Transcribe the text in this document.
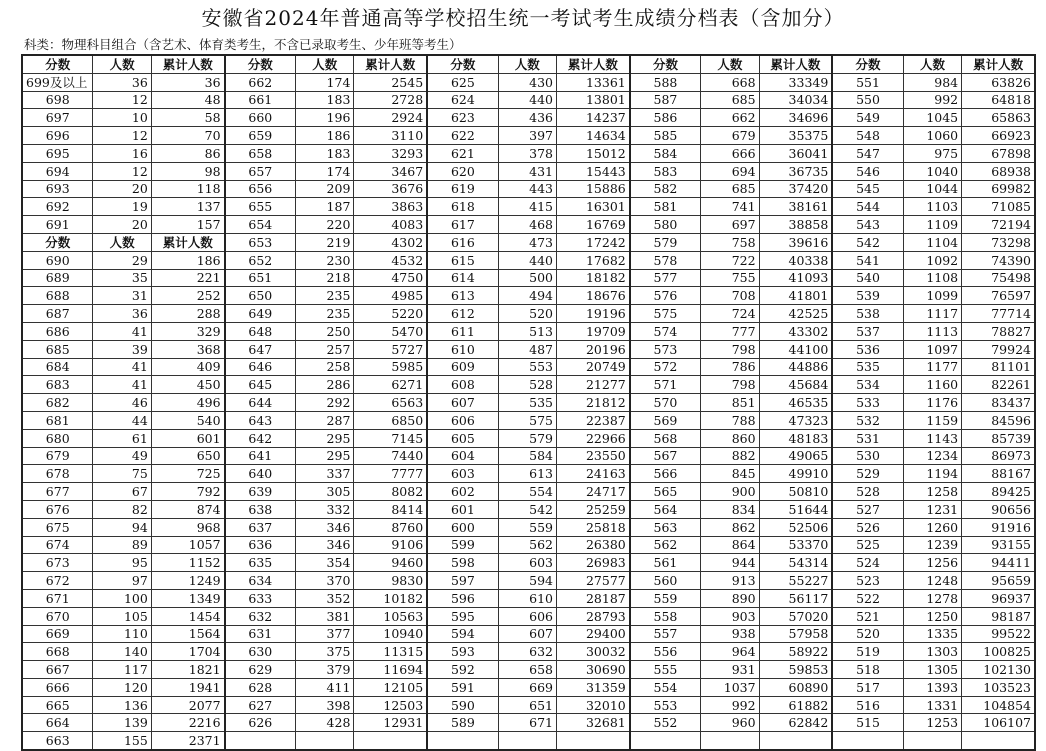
安徽省2024年普通高等学校招生统一考试考生成绩分档表（含加分）
科类：物理科目组合（含艺术、体育类考生，不含已录取考生、少年班等考生）
分数	人数	累计人数	分数	人数	累计人数	分数	人数	累计人数	分数	人数	累计人数	分数	人数	累计人数
699及以上	36	36	662	174	2545	625	430	13361	588	668	33349	551	984	63826
698	12	48	661	183	2728	624	440	13801	587	685	34034	550	992	64818
697	10	58	660	196	2924	623	436	14237	586	662	34696	549	1045	65863
696	12	70	659	186	3110	622	397	14634	585	679	35375	548	1060	66923
695	16	86	658	183	3293	621	378	15012	584	666	36041	547	975	67898
694	12	98	657	174	3467	620	431	15443	583	694	36735	546	1040	68938
693	20	118	656	209	3676	619	443	15886	582	685	37420	545	1044	69982
692	19	137	655	187	3863	618	415	16301	581	741	38161	544	1103	71085
691	20	157	654	220	4083	617	468	16769	580	697	38858	543	1109	72194
分数	人数	累计人数	653	219	4302	616	473	17242	579	758	39616	542	1104	73298
690	29	186	652	230	4532	615	440	17682	578	722	40338	541	1092	74390
689	35	221	651	218	4750	614	500	18182	577	755	41093	540	1108	75498
688	31	252	650	235	4985	613	494	18676	576	708	41801	539	1099	76597
687	36	288	649	235	5220	612	520	19196	575	724	42525	538	1117	77714
686	41	329	648	250	5470	611	513	19709	574	777	43302	537	1113	78827
685	39	368	647	257	5727	610	487	20196	573	798	44100	536	1097	79924
684	41	409	646	258	5985	609	553	20749	572	786	44886	535	1177	81101
683	41	450	645	286	6271	608	528	21277	571	798	45684	534	1160	82261
682	46	496	644	292	6563	607	535	21812	570	851	46535	533	1176	83437
681	44	540	643	287	6850	606	575	22387	569	788	47323	532	1159	84596
680	61	601	642	295	7145	605	579	22966	568	860	48183	531	1143	85739
679	49	650	641	295	7440	604	584	23550	567	882	49065	530	1234	86973
678	75	725	640	337	7777	603	613	24163	566	845	49910	529	1194	88167
677	67	792	639	305	8082	602	554	24717	565	900	50810	528	1258	89425
676	82	874	638	332	8414	601	542	25259	564	834	51644	527	1231	90656
675	94	968	637	346	8760	600	559	25818	563	862	52506	526	1260	91916
674	89	1057	636	346	9106	599	562	26380	562	864	53370	525	1239	93155
673	95	1152	635	354	9460	598	603	26983	561	944	54314	524	1256	94411
672	97	1249	634	370	9830	597	594	27577	560	913	55227	523	1248	95659
671	100	1349	633	352	10182	596	610	28187	559	890	56117	522	1278	96937
670	105	1454	632	381	10563	595	606	28793	558	903	57020	521	1250	98187
669	110	1564	631	377	10940	594	607	29400	557	938	57958	520	1335	99522
668	140	1704	630	375	11315	593	632	30032	556	964	58922	519	1303	100825
667	117	1821	629	379	11694	592	658	30690	555	931	59853	518	1305	102130
666	120	1941	628	411	12105	591	669	31359	554	1037	60890	517	1393	103523
665	136	2077	627	398	12503	590	651	32010	553	992	61882	516	1331	104854
664	139	2216	626	428	12931	589	671	32681	552	960	62842	515	1253	106107
663	155	2371												
